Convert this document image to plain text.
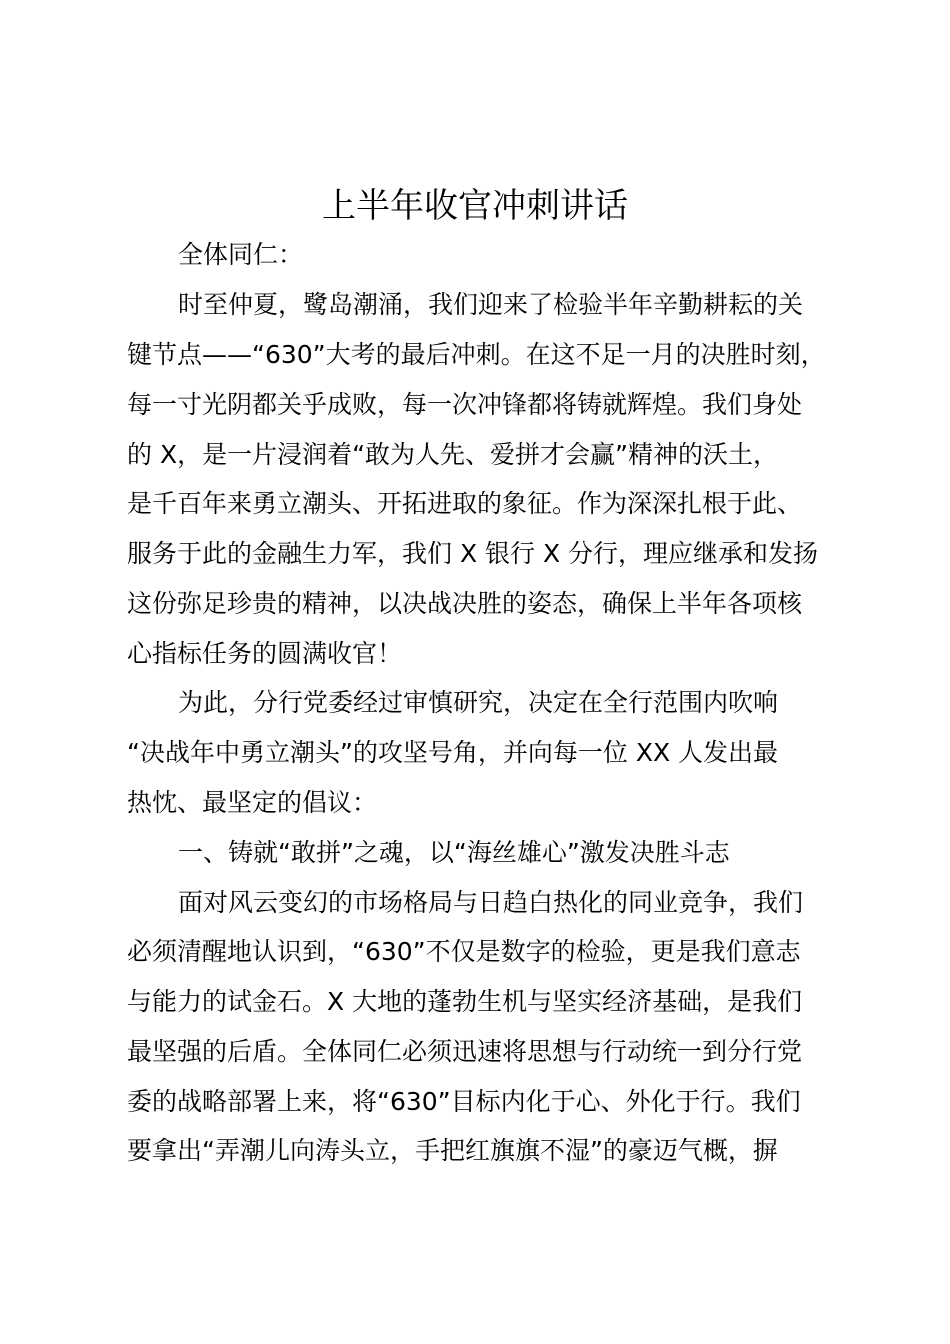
上半年收官冲刺讲话
全体同仁：
时至仲夏，鹭岛潮涌，我们迎来了检验半年辛勤耕耘的关
键节点——“630”大考的最后冲刺。在这不足一月的决胜时刻，
每一寸光阴都关乎成败，每一次冲锋都将铸就辉煌。我们身处
的 X，是一片浸润着“敢为人先、爱拼才会赢”精神的沃土，
是千百年来勇立潮头、开拓进取的象征。作为深深扎根于此、
服务于此的金融生力军，我们 X 银行 X 分行，理应继承和发扬
这份弥足珍贵的精神，以决战决胜的姿态，确保上半年各项核
心指标任务的圆满收官！
为此，分行党委经过审慎研究，决定在全行范围内吹响
“决战年中勇立潮头”的攻坚号角，并向每一位 XX 人发出最
热忱、最坚定的倡议：
一、铸就“敢拼”之魂，以“海丝雄心”激发决胜斗志
面对风云变幻的市场格局与日趋白热化的同业竞争，我们
必须清醒地认识到，“630”不仅是数字的检验，更是我们意志
与能力的试金石。X 大地的蓬勃生机与坚实经济基础，是我们
最坚强的后盾。全体同仁必须迅速将思想与行动统一到分行党
委的战略部署上来，将“630”目标内化于心、外化于行。我们
要拿出“弄潮儿向涛头立，手把红旗旗不湿”的豪迈气概，摒
